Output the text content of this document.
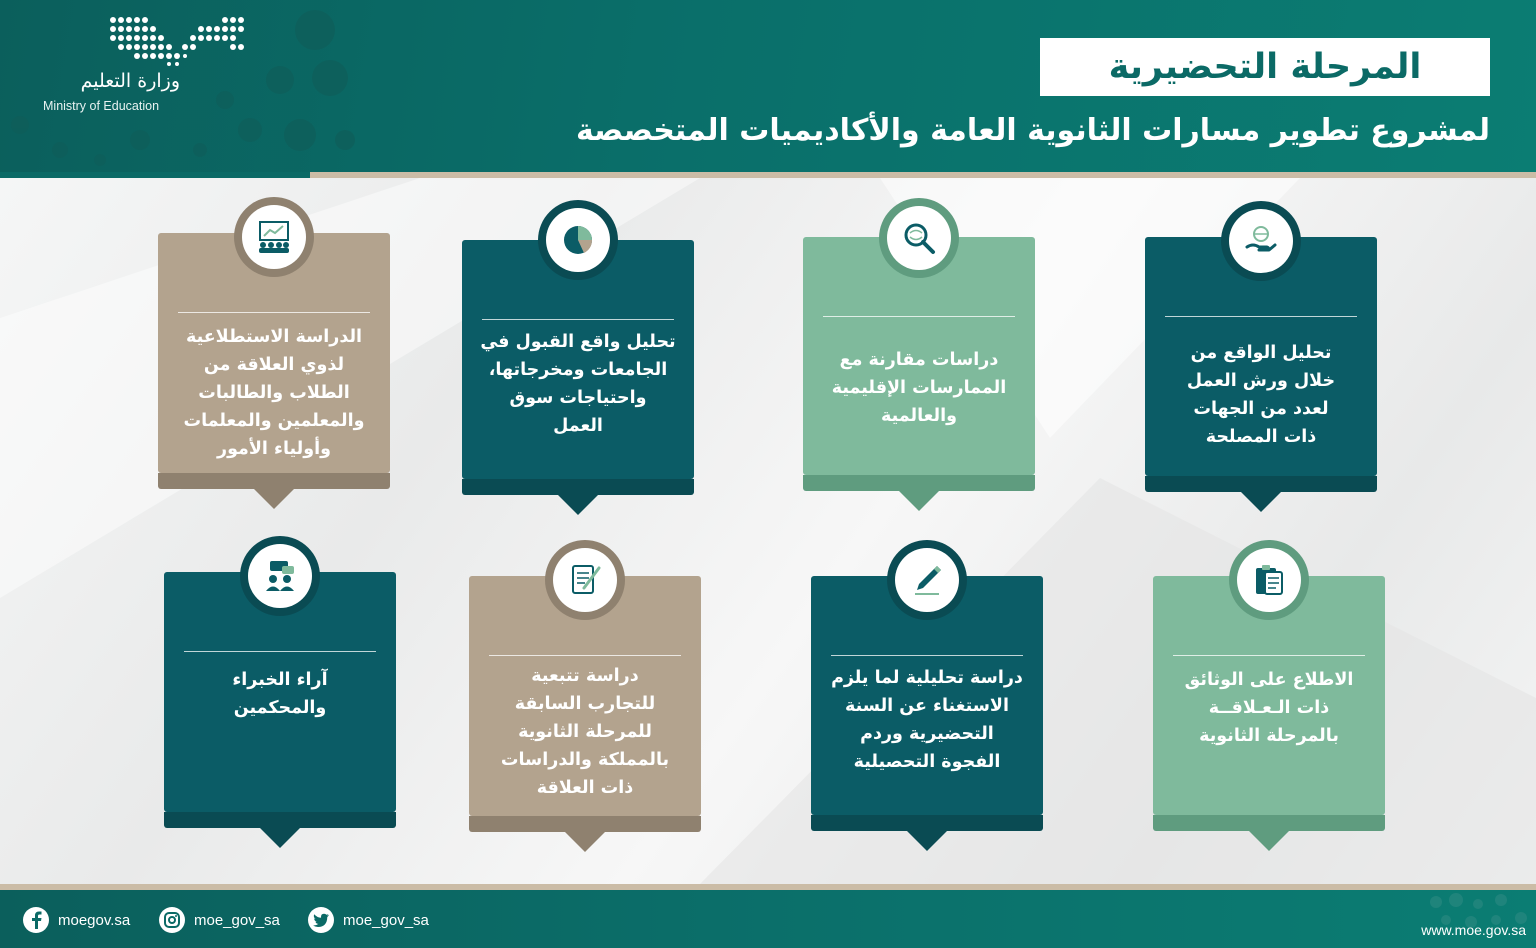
وزارة التعليم
Ministry of Education
المرحلة التحضيرية
لمشروع تطوير مسارات الثانوية العامة والأكاديميات المتخصصة
الدراسة الاستطلاعية
لذوي العلاقة من
الطلاب والطالبات
والمعلمين والمعلمات
وأولياء الأمور
تحليل واقع القبول في
الجامعات ومخرجاتها،
واحتياجات سوق
العمل
دراسات مقارنة مع
الممارسات الإقليمية
والعالمية
تحليل الواقع من
خلال ورش العمل
لعدد من الجهات
ذات المصلحة
آراء الخبراء
والمحكمين
دراسة تتبعية
للتجارب السابقة
للمرحلة الثانوية
بالمملكة والدراسات
ذات العلاقة
دراسة تحليلية لما يلزم
الاستغناء عن السنة
التحضيرية وردم
الفجوة التحصيلية
الاطلاع على الوثائق
ذات الـعـلاقــة
بالمرحلة الثانوية
moegov.sa	moe_gov_sa	moe_gov_sa
www.moe.gov.sa
